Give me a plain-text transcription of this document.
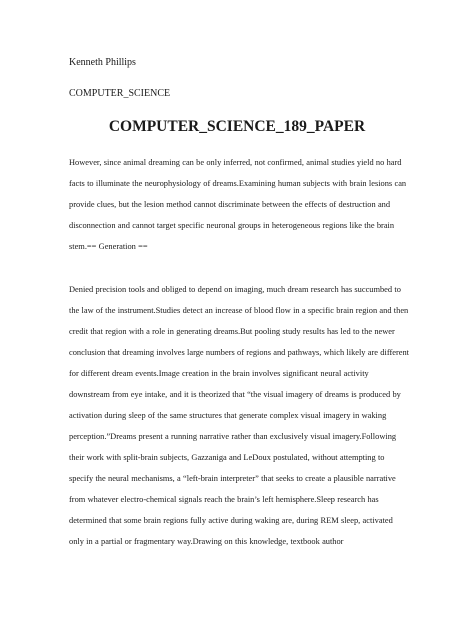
Kenneth Phillips

COMPUTER_SCIENCE

COMPUTER_SCIENCE_189_PAPER

However, since animal dreaming can be only inferred, not confirmed, animal studies yield no hard facts to illuminate the neurophysiology of dreams.Examining human subjects with brain lesions can provide clues, but the lesion method cannot discriminate between the effects of destruction and disconnection and cannot target specific neuronal groups in heterogeneous regions like the brain stem.== Generation ==

Denied precision tools and obliged to depend on imaging, much dream research has succumbed to the law of the instrument.Studies detect an increase of blood flow in a specific brain region and then credit that region with a role in generating dreams.But pooling study results has led to the newer conclusion that dreaming involves large numbers of regions and pathways, which likely are different for different dream events.Image creation in the brain involves significant neural activity downstream from eye intake, and it is theorized that “the visual imagery of dreams is produced by activation during sleep of the same structures that generate complex visual imagery in waking perception.”Dreams present a running narrative rather than exclusively visual imagery.Following their work with split-brain subjects, Gazzaniga and LeDoux postulated, without attempting to specify the neural mechanisms, a “left-brain interpreter” that seeks to create a plausible narrative from whatever electro-chemical signals reach the brain’s left hemisphere.Sleep research has determined that some brain regions fully active during waking are, during REM sleep, activated only in a partial or fragmentary way.Drawing on this knowledge, textbook author
